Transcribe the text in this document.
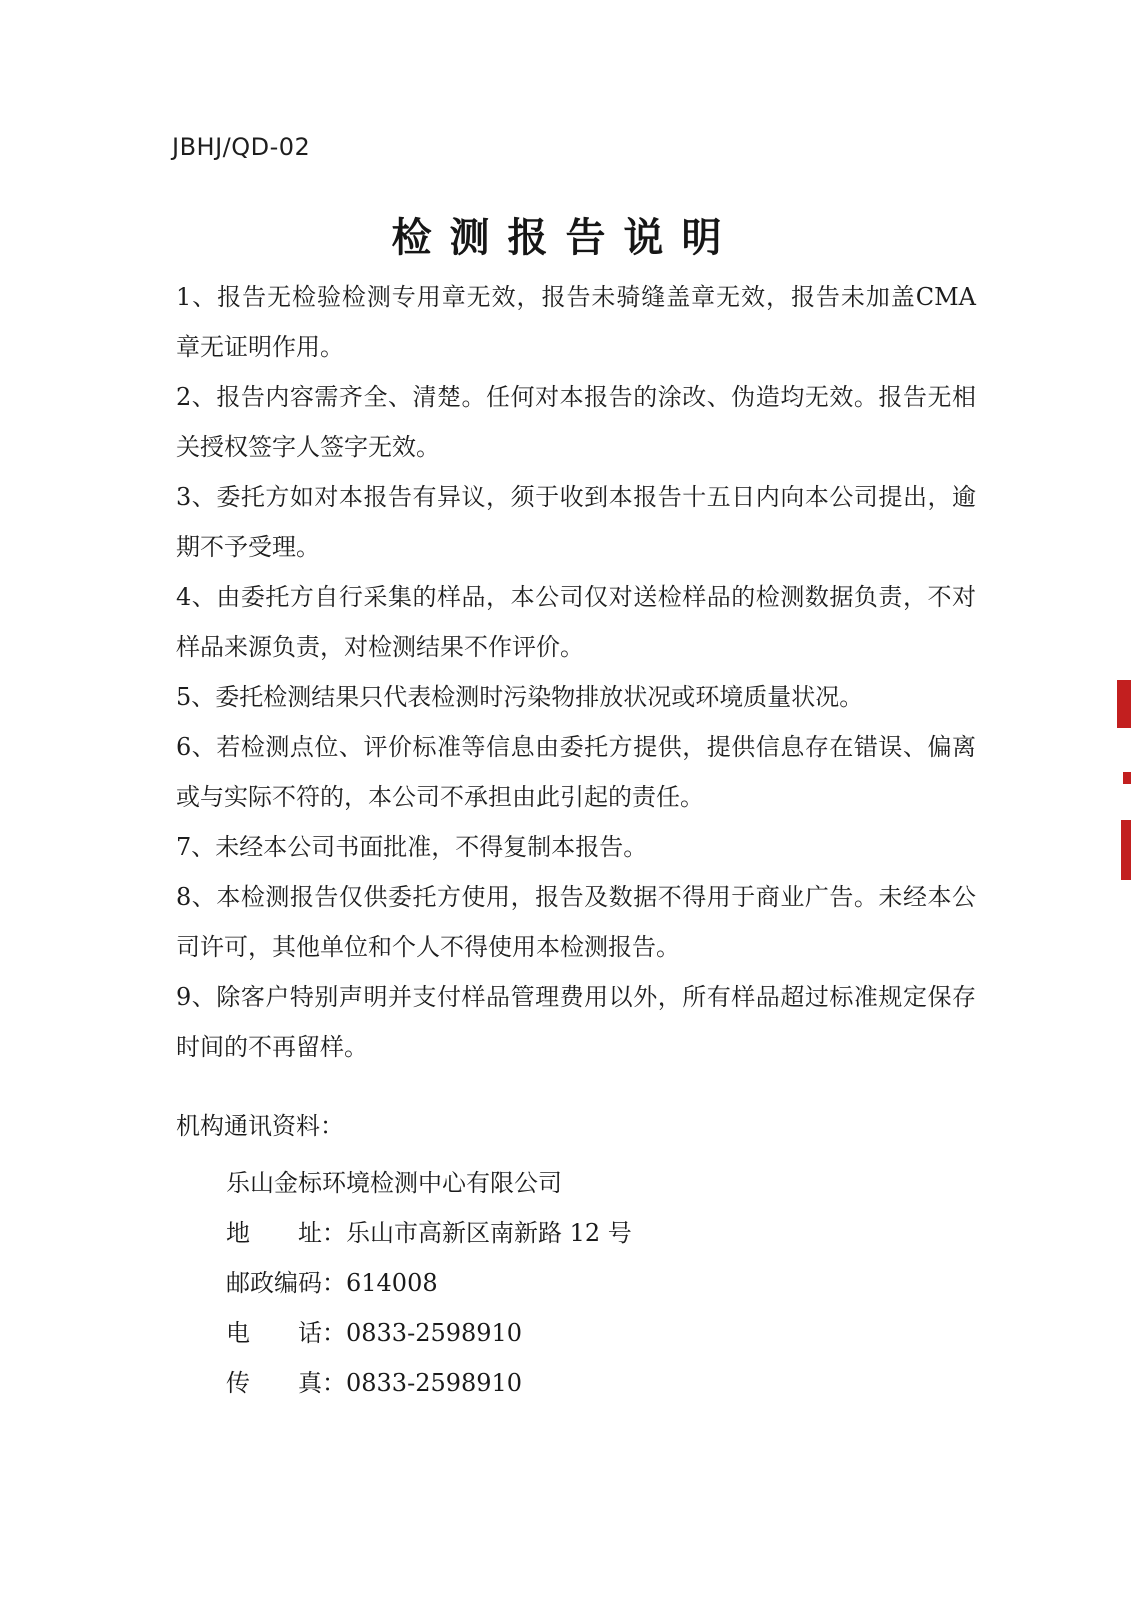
JBHJ/QD-02
检测报告说明
1、报告无检验检测专用章无效，报告未骑缝盖章无效，报告未加盖CMA 章无证明作用。
2、报告内容需齐全、清楚。任何对本报告的涂改、伪造均无效。报告无相关授权签字人签字无效。
3、委托方如对本报告有异议，须于收到本报告十五日内向本公司提出，逾期不予受理。
4、由委托方自行采集的样品，本公司仅对送检样品的检测数据负责，不对样品来源负责，对检测结果不作评价。
5、委托检测结果只代表检测时污染物排放状况或环境质量状况。
6、若检测点位、评价标准等信息由委托方提供，提供信息存在错误、偏离或与实际不符的，本公司不承担由此引起的责任。
7、未经本公司书面批准，不得复制本报告。
8、本检测报告仅供委托方使用，报告及数据不得用于商业广告。未经本公司许可，其他单位和个人不得使用本检测报告。
9、除客户特别声明并支付样品管理费用以外，所有样品超过标准规定保存时间的不再留样。
机构通讯资料：
乐山金标环境检测中心有限公司
地　　址：乐山市高新区南新路 12 号
邮政编码：614008
电　　话：0833-2598910
传　　真：0833-2598910
